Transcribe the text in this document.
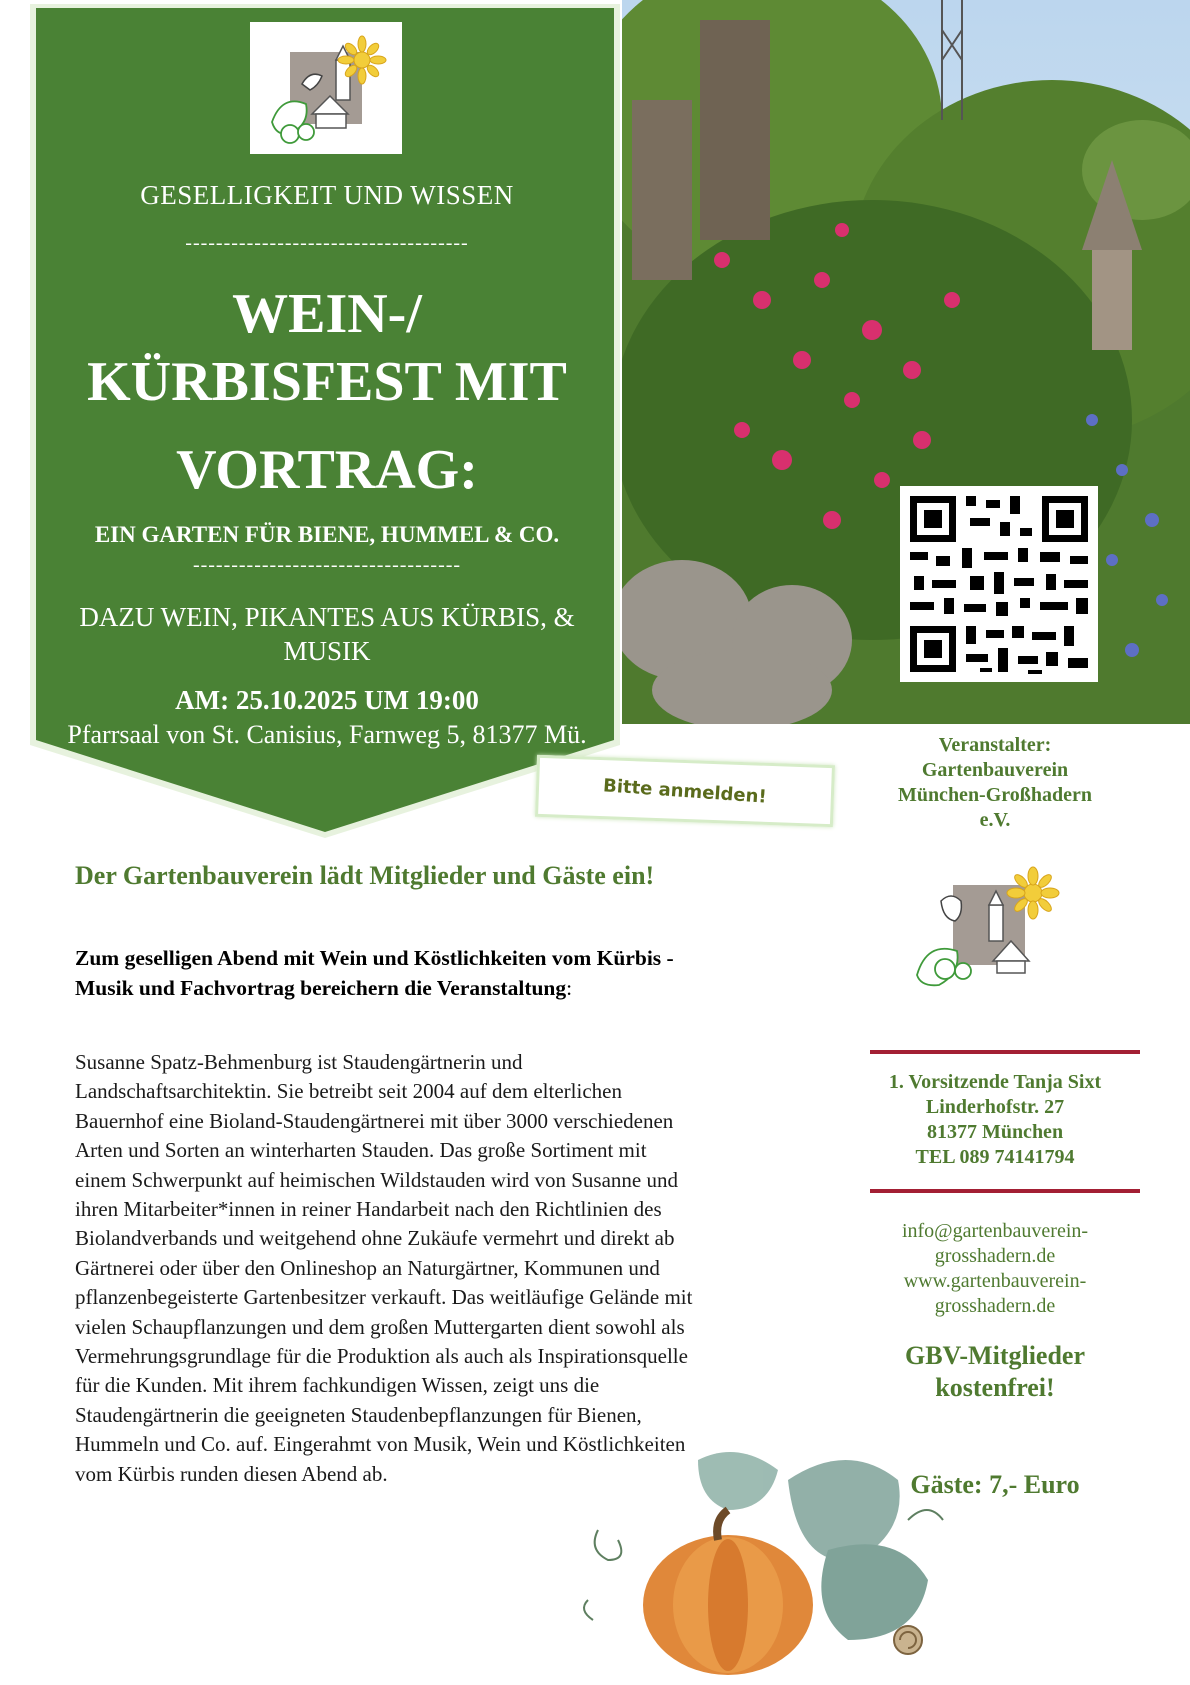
GESELLIGKEIT UND WISSEN
-------------------------------------
WEIN-/
KÜRBISFEST MIT
VORTRAG:
EIN GARTEN FÜR BIENE, HUMMEL & CO.
-----------------------------------
DAZU WEIN, PIKANTES AUS KÜRBIS, & MUSIK
AM: 25.10.2025 UM 19:00
Pfarrsaal von St. Canisius, Farnweg 5, 81377 Mü.
Bitte anmelden!
Veranstalter:
Gartenbauverein
München-Großhadern
e.V.
1. Vorsitzende Tanja Sixt
Linderhofstr. 27
81377 München
TEL 089 74141794
info@gartenbauverein-
grosshadern.de
www.gartenbauverein-
grosshadern.de
GBV-Mitglieder
kostenfrei!
Gäste: 7,- Euro
Der Gartenbauverein lädt Mitglieder und Gäste ein!
Zum geselligen Abend mit Wein und Köstlichkeiten vom Kürbis - Musik und Fachvortrag bereichern die Veranstaltung:
Susanne Spatz-Behmenburg ist Staudengärtnerin und Landschaftsarchitektin. Sie betreibt seit 2004 auf dem elterlichen Bauernhof eine Bioland-Staudengärtnerei mit über 3000 verschiedenen Arten und Sorten an winterharten Stauden. Das große Sortiment mit einem Schwerpunkt auf heimischen Wildstauden wird von Susanne und ihren Mitarbeiter*innen in reiner Handarbeit nach den Richtlinien des Biolandverbands und weitgehend ohne Zukäufe vermehrt und direkt ab Gärtnerei oder über den Onlineshop an Naturgärtner, Kommunen und pflanzenbegeisterte Gartenbesitzer verkauft. Das weitläufige Gelände mit vielen Schaupflanzungen und dem großen Muttergarten dient sowohl als Vermehrungsgrundlage für die Produktion als auch als Inspirationsquelle für die Kunden. Mit ihrem fachkundigen Wissen, zeigt uns die Staudengärtnerin die geeigneten Staudenbepflanzungen für Bienen, Hummeln und Co. auf. Eingerahmt von Musik, Wein und Köstlichkeiten vom Kürbis runden diesen Abend ab.
